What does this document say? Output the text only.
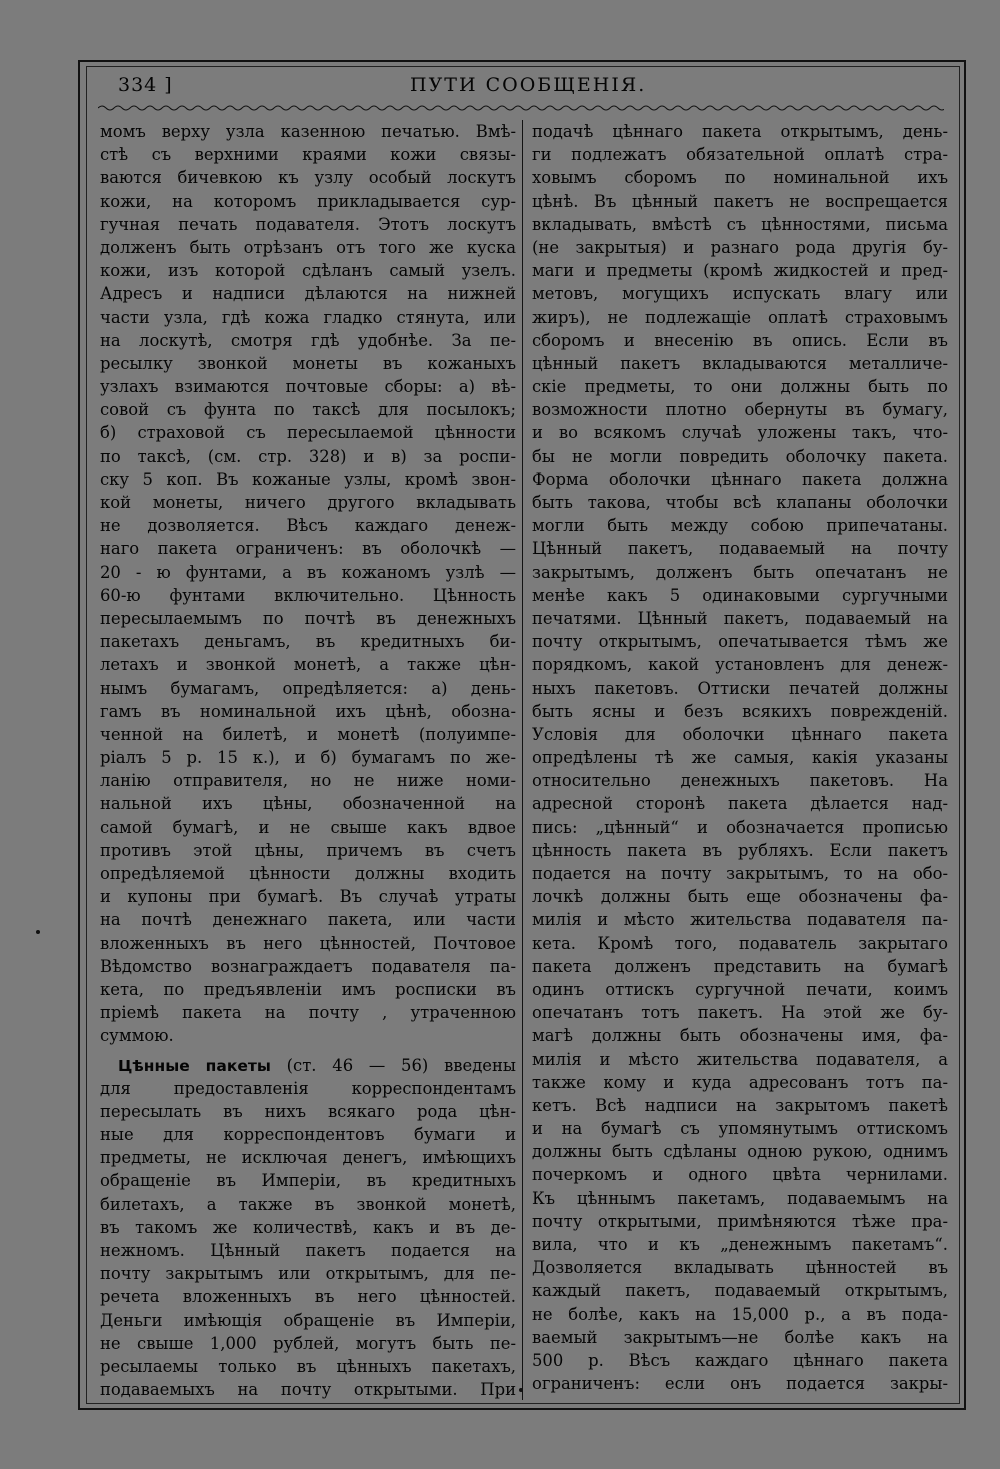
334 ]	ПУТИ СООБЩЕНІЯ.
момъ верху узла казенною печатью. Вмѣ-
стѣ съ верхними краями кожи связы-
ваются бичевкою къ узлу особый лоскутъ
кожи, на которомъ прикладывается сур-
гучная печать подавателя. Этотъ лоскутъ
долженъ быть отрѣзанъ отъ того же куска
кожи, изъ которой сдѣланъ самый узелъ.
Адресъ и надписи дѣлаются на нижней
части узла, гдѣ кожа гладко стянута, или
на лоскутѣ, смотря гдѣ удобнѣе. За пе-
ресылку звонкой монеты въ кожаныхъ
узлахъ взимаются почтовые сборы: а) вѣ-
совой съ фунта по таксѣ для посылокъ;
б) страховой съ пересылаемой цѣнности
по таксѣ, (см. стр. 328) и в) за роспи-
ску 5 коп. Въ кожаные узлы, кромѣ звон-
кой монеты, ничего другого вкладывать
не дозволяется. Вѣсъ каждаго денеж-
наго пакета ограниченъ: въ оболочкѣ —
20 - ю фунтами, а въ кожаномъ узлѣ —
60-ю фунтами включительно. Цѣнность
пересылаемымъ по почтѣ въ денежныхъ
пакетахъ деньгамъ, въ кредитныхъ би-
летахъ и звонкой монетѣ, а также цѣн-
нымъ бумагамъ, опредѣляется: а) день-
гамъ въ номинальной ихъ цѣнѣ, обозна-
ченной на билетѣ, и монетѣ (полуимпе-
ріалъ 5 р. 15 к.), и б) бумагамъ по же-
ланію отправителя, но не ниже номи-
нальной ихъ цѣны, обозначенной на
самой бумагѣ, и не свыше какъ вдвое
противъ этой цѣны, причемъ въ счетъ
опредѣляемой цѣнности должны входить
и купоны при бумагѣ. Въ случаѣ утраты
на почтѣ денежнаго пакета, или части
вложенныхъ въ него цѣнностей, Почтовое
Вѣдомство вознаграждаетъ подавателя па-
кета, по предъявленіи имъ росписки въ
пріемѣ пакета на почту , утраченною
суммою.
Цѣнные пакеты (ст. 46 — 56) введены
для предоставленія корреспондентамъ
пересылать въ нихъ всякаго рода цѣн-
ные для корреспондентовъ бумаги и
предметы, не исключая денегъ, имѣющихъ
обращеніе въ Имперіи, въ кредитныхъ
билетахъ, а также въ звонкой монетѣ,
въ такомъ же количествѣ, какъ и въ де-
нежномъ. Цѣнный пакетъ подается на
почту закрытымъ или открытымъ, для пе-
речета вложенныхъ въ него цѣнностей.
Деньги имѣющія обращеніе въ Имперіи,
не свыше 1,000 рублей, могутъ быть пе-
ресылаемы только въ цѣнныхъ пакетахъ,
подаваемыхъ на почту открытыми. При
подачѣ цѣннаго пакета открытымъ, день-
ги подлежатъ обязательной оплатѣ стра-
ховымъ сборомъ по номинальной ихъ
цѣнѣ. Въ цѣнный пакетъ не воспрещается
вкладывать, вмѣстѣ съ цѣнностями, письма
(не закрытыя) и разнаго рода другія бу-
маги и предметы (кромѣ жидкостей и пред-
метовъ, могущихъ испускать влагу или
жиръ), не подлежащіе оплатѣ страховымъ
сборомъ и внесенію въ опись. Если въ
цѣнный пакетъ вкладываются металличе-
скіе предметы, то они должны быть по
возможности плотно обернуты въ бумагу,
и во всякомъ случаѣ уложены такъ, что-
бы не могли повредить оболочку пакета.
Форма оболочки цѣннаго пакета должна
быть такова, чтобы всѣ клапаны оболочки
могли быть между собою припечатаны.
Цѣнный пакетъ, подаваемый на почту
закрытымъ, долженъ быть опечатанъ не
менѣе какъ 5 одинаковыми сургучными
печатями. Цѣнный пакетъ, подаваемый на
почту открытымъ, опечатывается тѣмъ же
порядкомъ, какой установленъ для денеж-
ныхъ пакетовъ. Оттиски печатей должны
быть ясны и безъ всякихъ поврежденій.
Условія для оболочки цѣннаго пакета
опредѣлены тѣ же самыя, какія указаны
относительно денежныхъ пакетовъ. На
адресной сторонѣ пакета дѣлается над-
пись: „цѣнный“ и обозначается прописью
цѣнность пакета въ рубляхъ. Если пакетъ
подается на почту закрытымъ, то на обо-
лочкѣ должны быть еще обозначены фа-
милія и мѣсто жительства подавателя па-
кета. Кромѣ того, подаватель закрытаго
пакета долженъ представить на бумагѣ
одинъ оттискъ сургучной печати, коимъ
опечатанъ тотъ пакетъ. На этой же бу-
магѣ должны быть обозначены имя, фа-
милія и мѣсто жительства подавателя, а
также кому и куда адресованъ тотъ па-
кетъ. Всѣ надписи на закрытомъ пакетѣ
и на бумагѣ съ упомянутымъ оттискомъ
должны быть сдѣланы одною рукою, однимъ
почеркомъ и одного цвѣта чернилами.
Къ цѣннымъ пакетамъ, подаваемымъ на
почту открытыми, примѣняются тѣже пра-
вила, что и къ „денежнымъ пакетамъ“.
Дозволяется вкладывать цѣнностей въ
каждый пакетъ, подаваемый открытымъ,
не болѣе, какъ на 15,000 р., а въ пода-
ваемый закрытымъ—не болѣе какъ на
500 р. Вѣсъ каждаго цѣннаго пакета
ограниченъ: если онъ подается закры-
